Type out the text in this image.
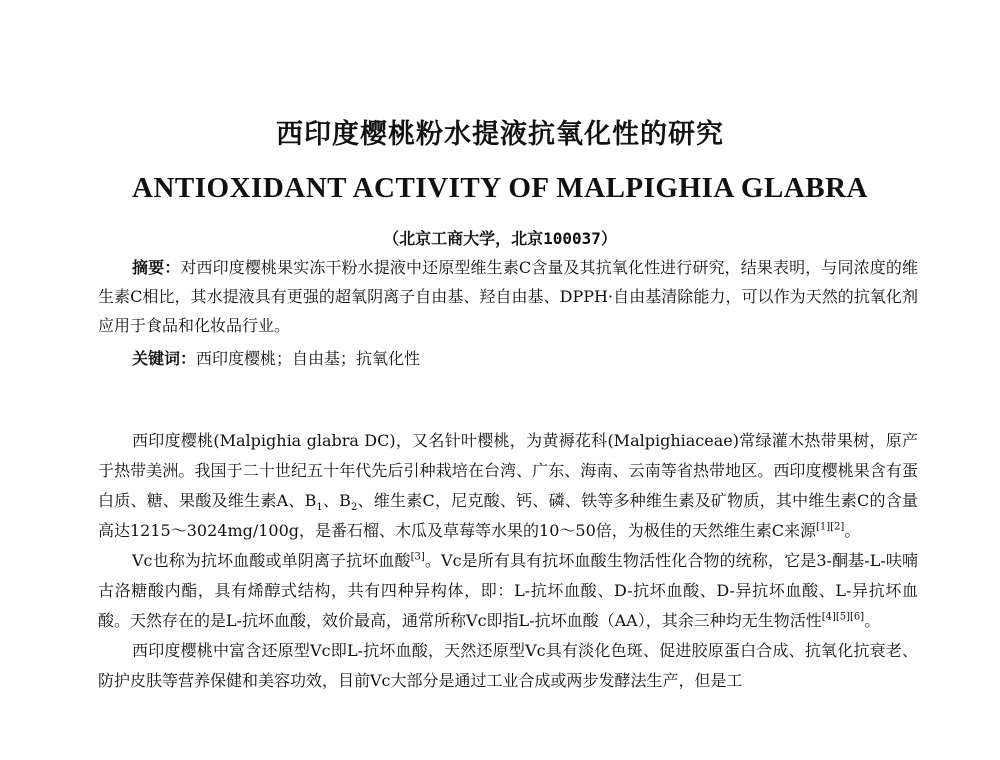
西印度樱桃粉水提液抗氧化性的研究
ANTIOXIDANT ACTIVITY OF MALPIGHIA GLABRA
（北京工商大学，北京100037）
摘要：对西印度樱桃果实冻干粉水提液中还原型维生素C含量及其抗氧化性进行研究，结果表明，与同浓度的维生素C相比，其水提液具有更强的超氧阴离子自由基、羟自由基、DPPH·自由基清除能力，可以作为天然的抗氧化剂应用于食品和化妆品行业。
关键词：西印度樱桃；自由基；抗氧化性

西印度樱桃(Malpighia glabra DC)，又名针叶樱桃，为黄褥花科(Malpighiaceae)常绿灌木热带果树，原产于热带美洲。我国于二十世纪五十年代先后引种栽培在台湾、广东、海南、云南等省热带地区。西印度樱桃果含有蛋白质、糖、果酸及维生素A、$B_1$、$B_2$、维生素C，尼克酸、钙、磷、铁等多种维生素及矿物质，其中维生素C的含量高达1215～3024mg/100g，是番石榴、木瓜及草莓等水果的10～50倍，为极佳的天然维生素C来源[1][2]。

Vc也称为抗坏血酸或单阴离子抗坏血酸[3]。Vc是所有具有抗坏血酸生物活性化合物的统称，它是3-酮基-L-呋喃古洛糖酸内酯，具有烯醇式结构，共有四种异构体，即：L-抗坏血酸、D-抗坏血酸、D-异抗坏血酸、L-异抗坏血酸。天然存在的是L-抗坏血酸，效价最高，通常所称Vc即指L-抗坏血酸（AA），其余三种均无生物活性[4][5][6]。

西印度樱桃中富含还原型Vc即L-抗坏血酸，天然还原型Vc具有淡化色斑、促进胶原蛋白合成、抗氧化抗衰老、防护皮肤等营养保健和美容功效，目前Vc大部分是通过工业合成或两步发酵法生产，但是工
